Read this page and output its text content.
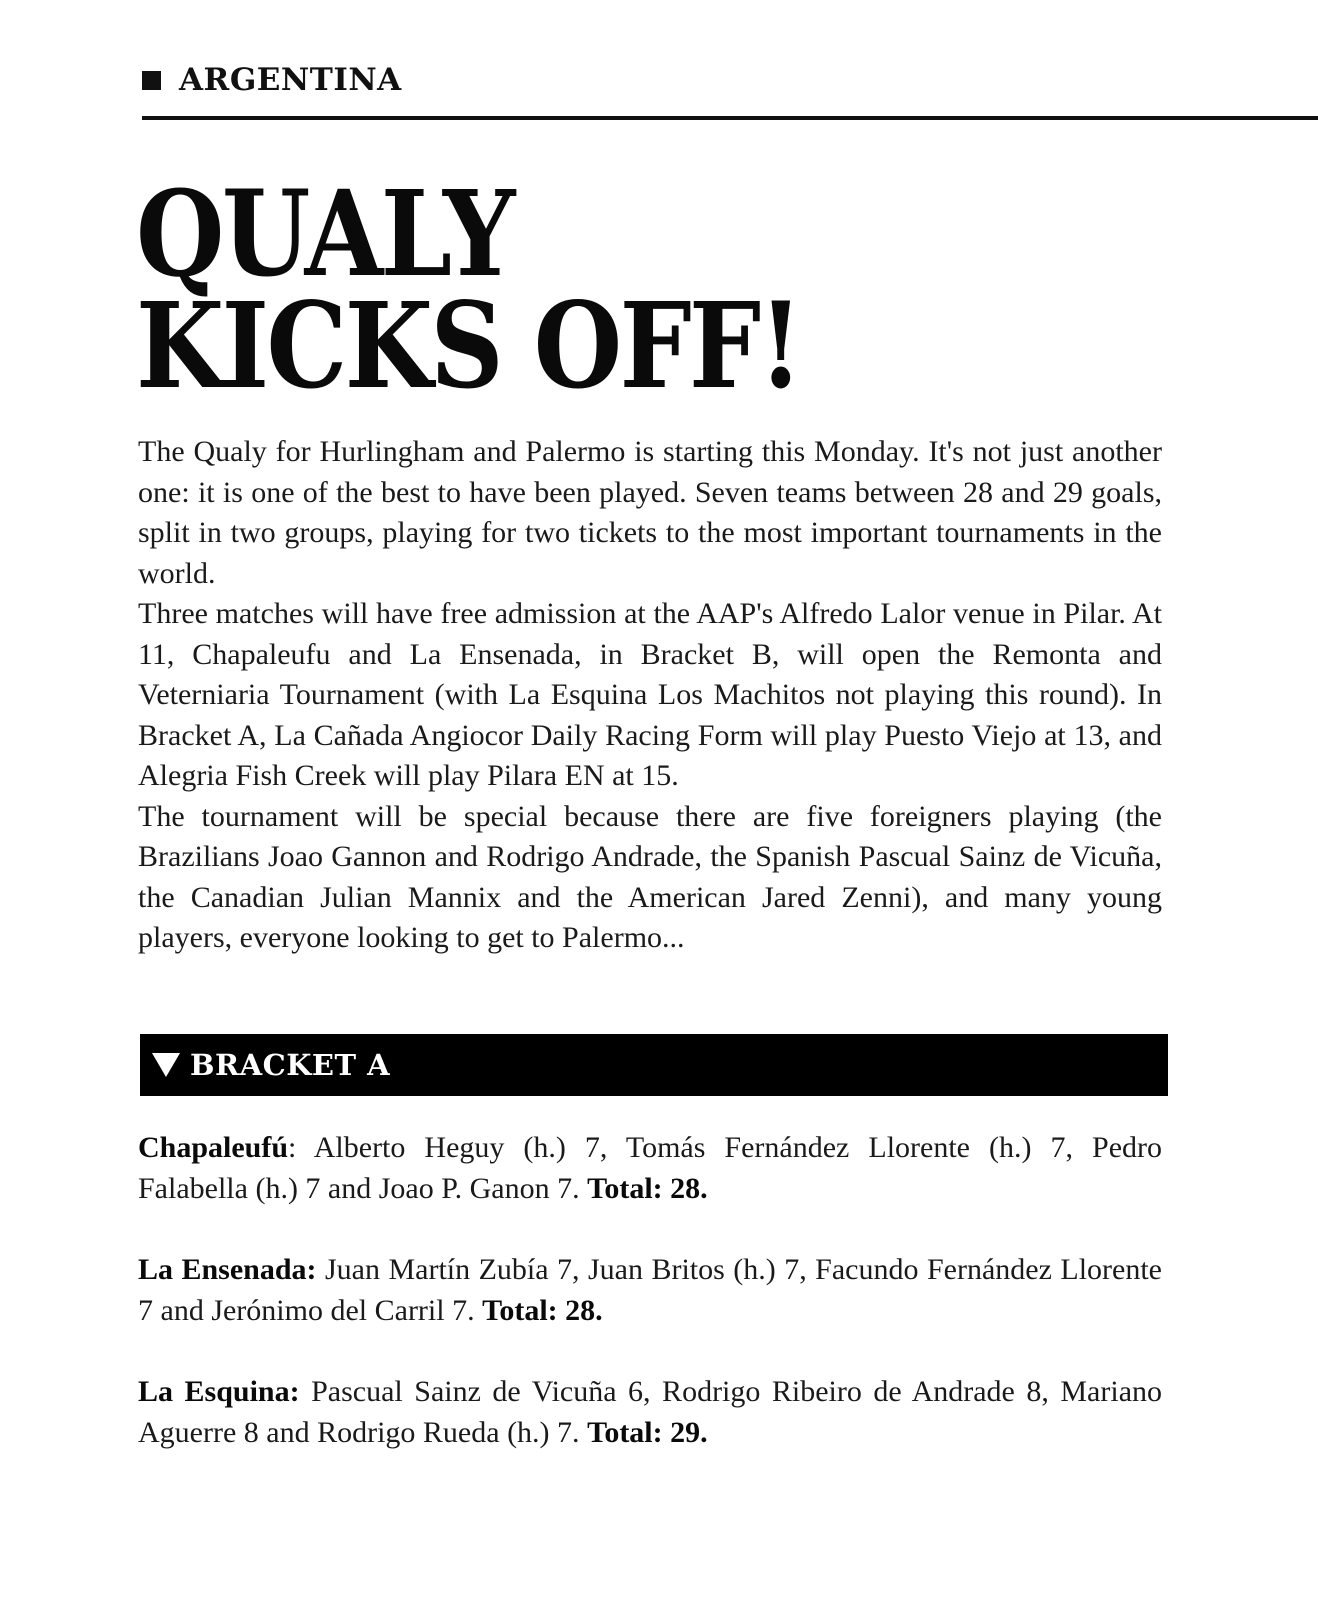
ARGENTINA
QUALY
KICKS OFF!

The Qualy for Hurlingham and Palermo is starting this Monday. It's not just another one: it is one of the best to have been played. Seven teams between 28 and 29 goals, split in two groups, playing for two tickets to the most important tournaments in the world.

Three matches will have free admission at the AAP's Alfredo Lalor venue in Pilar. At 11, Chapaleufu and La Ensenada, in Bracket B, will open the Remonta and Veterniaria Tournament (with La Esquina Los Machitos not playing this round). In Bracket A, La Cañada Angiocor Daily Racing Form will play Puesto Viejo at 13, and Alegria Fish Creek will play Pilara EN at 15.

The tournament will be special because there are five foreigners playing (the Brazilians Joao Gannon and Rodrigo Andrade, the Spanish Pascual Sainz de Vicuña, the Canadian Julian Mannix and the American Jared Zenni), and many young players, everyone looking to get to Palermo...

BRACKET A

Chapaleufú: Alberto Heguy (h.) 7, Tomás Fernández Llorente (h.) 7, Pedro Falabella (h.) 7 and Joao P. Ganon 7. Total: 28.

La Ensenada: Juan Martín Zubía 7, Juan Britos (h.) 7, Facundo Fernández Llorente 7 and Jerónimo del Carril 7. Total: 28.

La Esquina: Pascual Sainz de Vicuña 6, Rodrigo Ribeiro de Andrade 8, Mariano Aguerre 8 and Rodrigo Rueda (h.) 7. Total: 29.
